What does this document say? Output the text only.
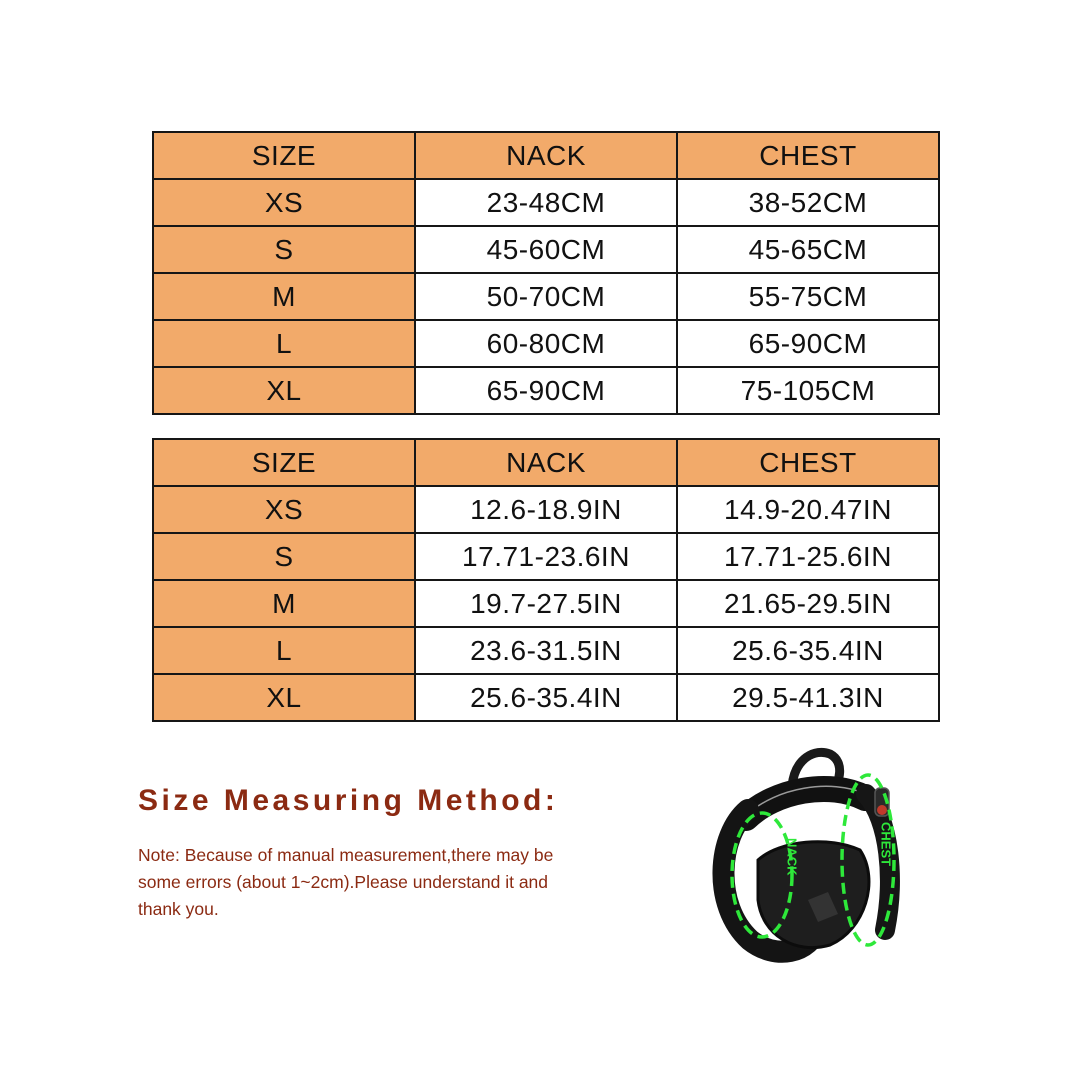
SIZE	NACK	CHEST
XS	23-48CM	38-52CM
S	45-60CM	45-65CM
M	50-70CM	55-75CM
L	60-80CM	65-90CM
XL	65-90CM	75-105CM
SIZE	NACK	CHEST
XS	12.6-18.9IN	14.9-20.47IN
S	17.71-23.6IN	17.71-25.6IN
M	19.7-27.5IN	21.65-29.5IN
L	23.6-31.5IN	25.6-35.4IN
XL	25.6-35.4IN	29.5-41.3IN
Size Measuring Method:
Note: Because of manual measurement,there may be some errors (about 1~2cm).Please understand it and thank you.
NACK	CHEST
